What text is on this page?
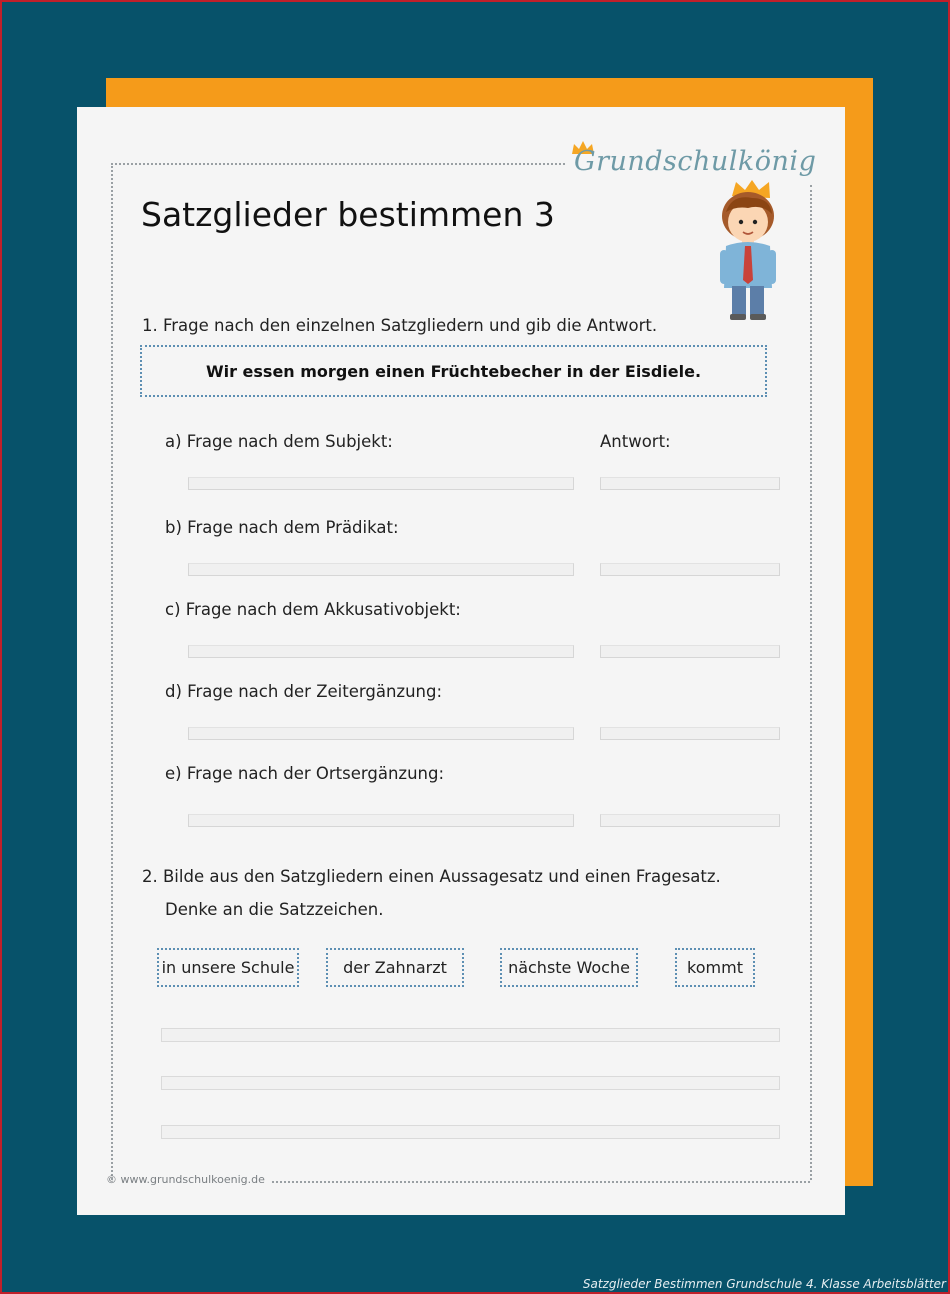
Grundschulkönig
Satzglieder bestimmen 3
1. Frage nach den einzelnen Satzgliedern und gib die Antwort.
Wir essen morgen einen Früchtebecher in der Eisdiele.
Antwort:
a) Frage nach dem Subjekt:
b) Frage nach dem Prädikat:
c) Frage nach dem Akkusativobjekt:
d) Frage nach der Zeitergänzung:
e) Frage nach der Ortsergänzung:
2. Bilde aus den Satzgliedern einen Aussagesatz und einen Fragesatz.
Denke an die Satzzeichen.
in unsere Schule	der Zahnarzt	nächste Woche	kommt
© www.grundschulkoenig.de
Satzglieder Bestimmen Grundschule 4. Klasse Arbeitsblätter
